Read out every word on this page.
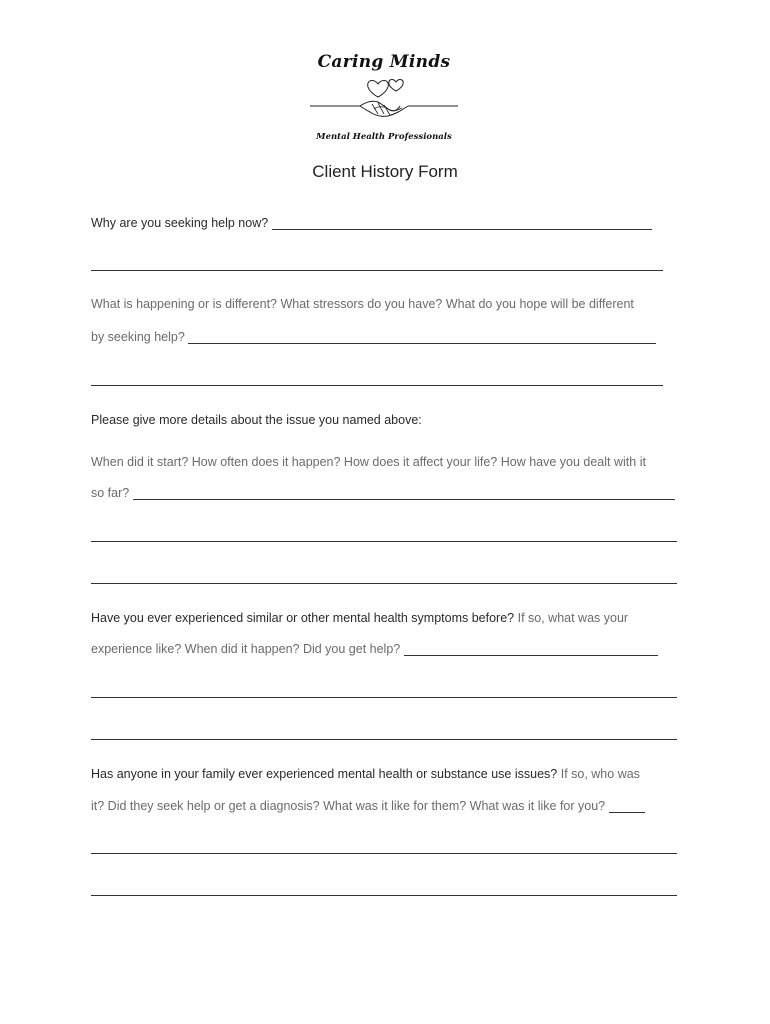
Caring Minds
Mental Health Professionals
Client History Form
Why are you seeking help now?
What is happening or is different? What stressors do you have? What do you hope will be different
by seeking help?
Please give more details about the issue you named above:
When did it start? How often does it happen? How does it affect your life? How have you dealt with it
so far?
Have you ever experienced similar or other mental health symptoms before? If so, what was your
experience like? When did it happen? Did you get help?
Has anyone in your family ever experienced mental health or substance use issues? If so, who was
it? Did they seek help or get a diagnosis? What was it like for them? What was it like for you?
